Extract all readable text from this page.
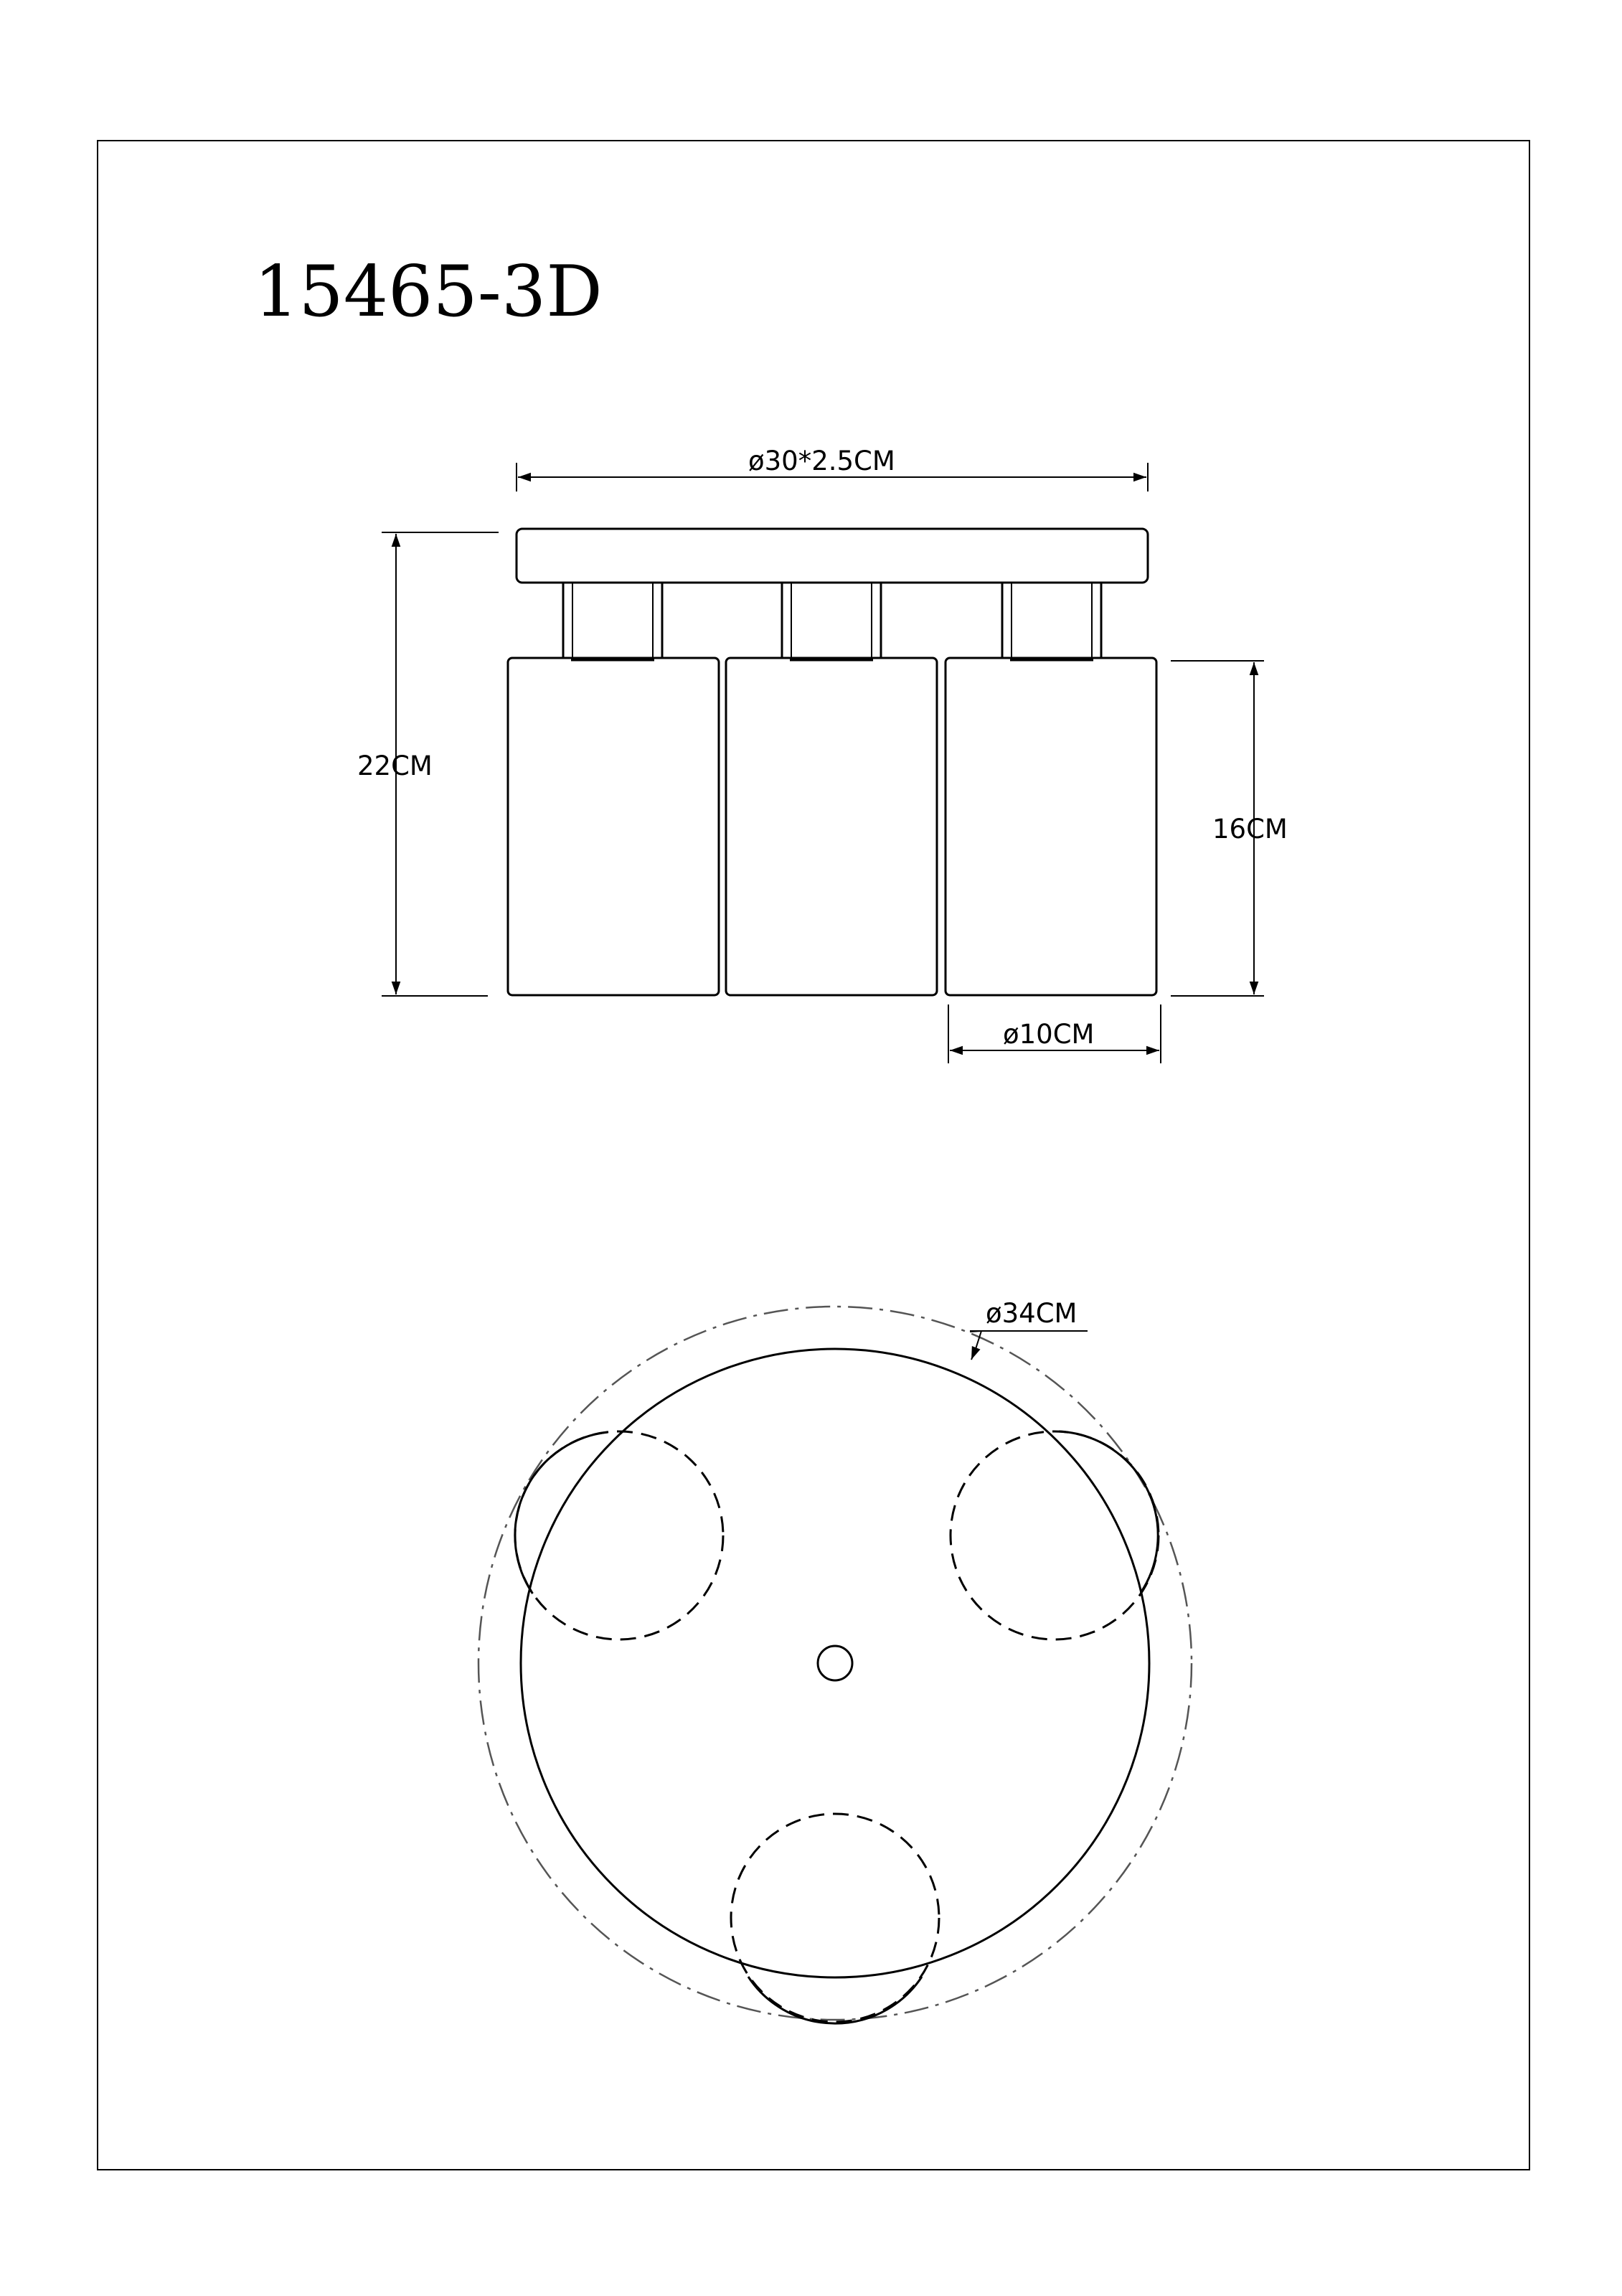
15465-3D
ø30*2.5CM
22CM
16CM
ø10CM
ø34CM
